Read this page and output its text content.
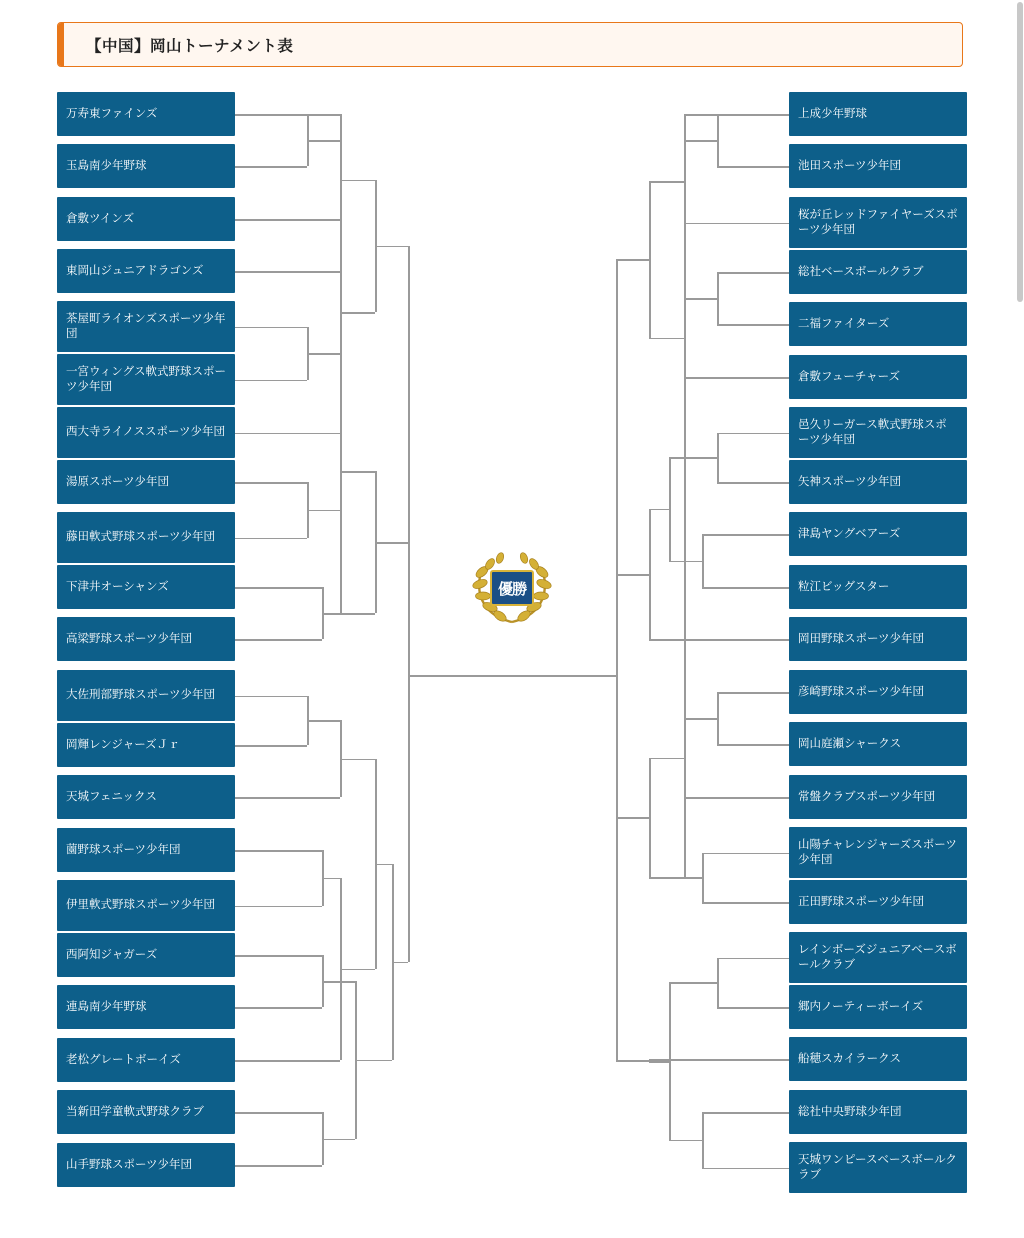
【中国】岡山トーナメント表
万寿東ファインズ
玉島南少年野球
倉敷ツインズ
東岡山ジュニアドラゴンズ
茶屋町ライオンズスポーツ少年団
一宮ウィングス軟式野球スポーツ少年団
西大寺ライノススポーツ少年団
湯原スポーツ少年団
藤田軟式野球スポーツ少年団
下津井オーシャンズ
高梁野球スポーツ少年団
大佐刑部野球スポーツ少年団
岡輝レンジャーズＪｒ
天城フェニックス
薗野球スポーツ少年団
伊里軟式野球スポーツ少年団
西阿知ジャガーズ
連島南少年野球
老松グレートボーイズ
当新田学童軟式野球クラブ
山手野球スポーツ少年団
上成少年野球
池田スポーツ少年団
桜が丘レッドファイヤーズスポーツ少年団
総社ベースボールクラブ
二福ファイターズ
倉敷フューチャーズ
邑久リーガース軟式野球スポーツ少年団
矢神スポーツ少年団
津島ヤングベアーズ
粒江ビッグスター
岡田野球スポーツ少年団
彦崎野球スポーツ少年団
岡山庭瀬シャークス
常盤クラブスポーツ少年団
山陽チャレンジャーズスポーツ少年団
正田野球スポーツ少年団
レインボーズジュニアベースボールクラブ
郷内ノーティーボーイズ
船穂スカイラークス
総社中央野球少年団
天城ワンピースベースボールクラブ
優勝
